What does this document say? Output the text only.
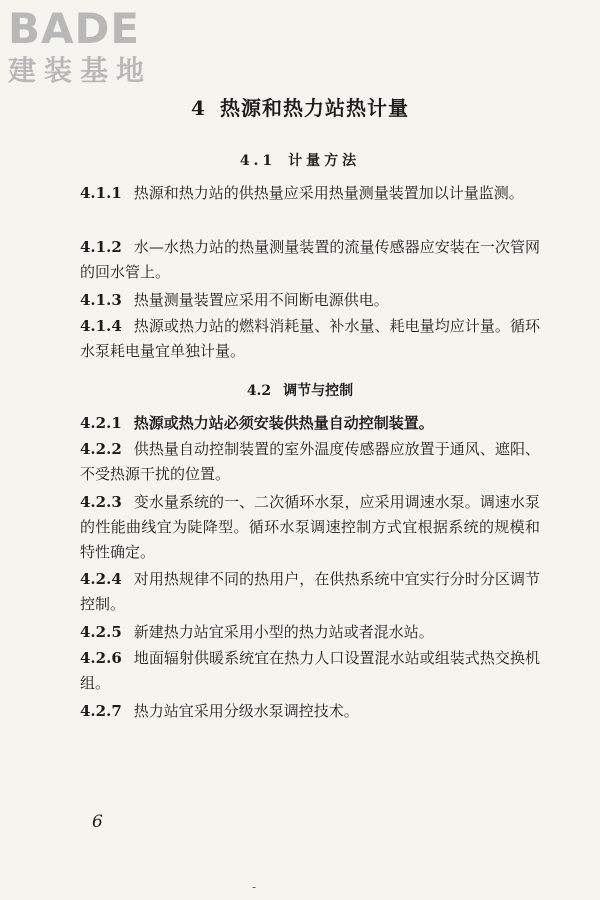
BADE
建装基地
4 热源和热力站热计量
4.1 计量方法
4.1.1 热源和热力站的供热量应采用热量测量装置加以计量监测。
4.1.2 水—水热力站的热量测量装置的流量传感器应安装在一次管网的回水管上。
4.1.3 热量测量装置应采用不间断电源供电。
4.1.4 热源或热力站的燃料消耗量、补水量、耗电量均应计量。循环水泵耗电量宜单独计量。
4.2 调节与控制
4.2.1 热源或热力站必须安装供热量自动控制装置。
4.2.2 供热量自动控制装置的室外温度传感器应放置于通风、遮阳、不受热源干扰的位置。
4.2.3 变水量系统的一、二次循环水泵，应采用调速水泵。调速水泵的性能曲线宜为陡降型。循环水泵调速控制方式宜根据系统的规模和特性确定。
4.2.4 对用热规律不同的热用户，在供热系统中宜实行分时分区调节控制。
4.2.5 新建热力站宜采用小型的热力站或者混水站。
4.2.6 地面辐射供暖系统宜在热力人口设置混水站或组装式热交换机组。
4.2.7 热力站宜采用分级水泵调控技术。
6
-
